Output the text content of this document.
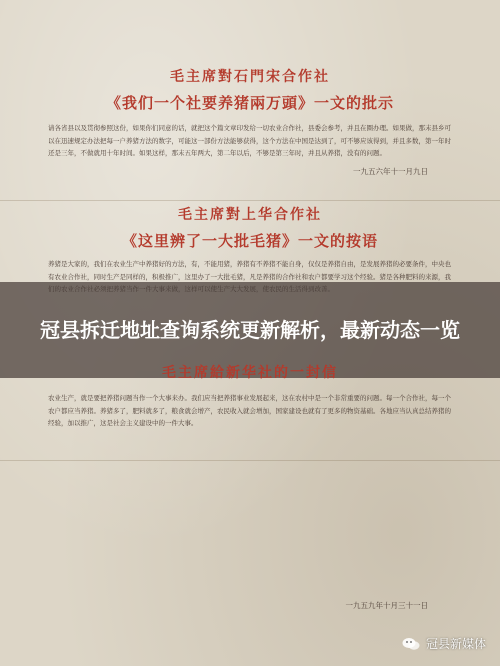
毛主席對石門宋合作社
《我们一个社要养猪兩万頭》一文的批示
请各省县以及贯彻参照这份，如果你们同意的话，就把这个篇文章印发给一切农业合作社，县委会参考，并且在圈办理。如果做，那末县乡可以在迅速规定办法把每一户养猪方法的数字，可能这一部份方法能够获得，这个方法在中国是达到了，可不够应该得到，并且多数，第一年时还是三年，不做就用十年时间。如果这样，那末五年两大，第二年以后，不够是第三年时，并且从养猪，没有的问题。
一九五六年十一月九日
毛主席對上华合作社
《这里辨了一大批毛猪》一文的按语
养猪是大家的，我们在农业生产中养猪好的方法，有，不能用猪，养猪有不养猪不能自身，仅仅是养猪自由，是发展养猪的必要条件，中央也有农业合作社，同时生产是同样的，积极推广，这里办了一大批毛猪，凡是养猪的合作社和农户都要学习这个经验。猪是各种肥料的来源，我
冠县拆迁地址查询系统更新解析，最新动态一览
毛主席給新华社的一封信
农业生产，就是要把养猪问题当作一个大事来办。我们应当把养猪事业发展起来，这在农村中是一个非常重要的问题。每一个合作社，每一个农户都应当养猪。养猪多了，肥料就多了，粮食就会增产，农民收入就会增加，国家建设也就有了更多的物资基础。各地应当认真总结养猪的经验，加以推广，这是社会主义建设中的一件大事。
一九五九年十月三十一日
冠县新媒体
